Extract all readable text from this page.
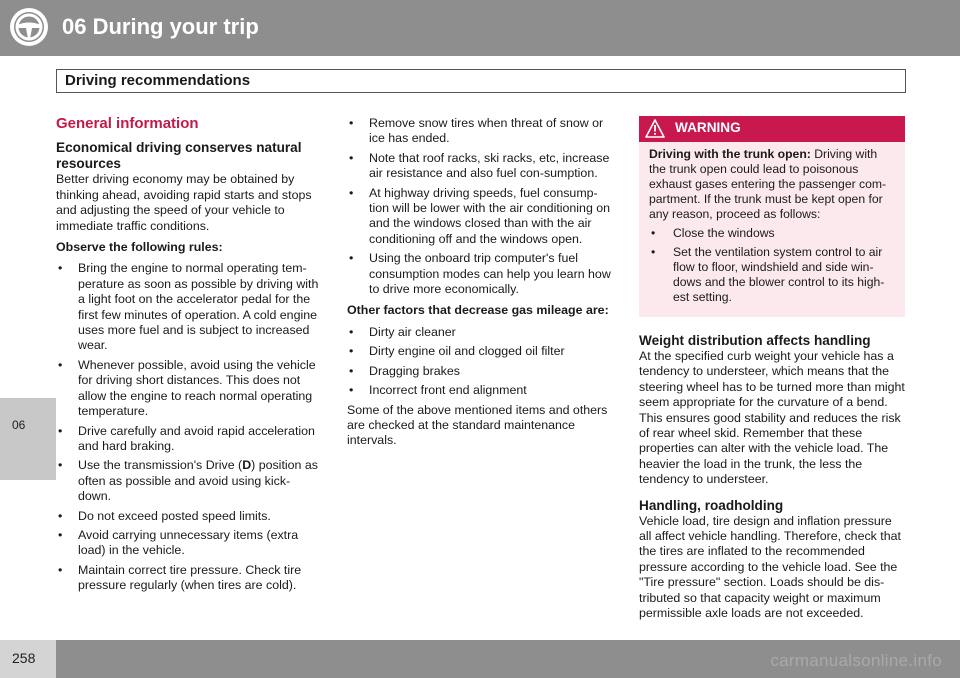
06 During your trip
06
Driving recommendations
General information
Economical driving conserves natural resources

Better driving economy may be obtained by thinking ahead, avoiding rapid starts and stops and adjusting the speed of your vehicle to immediate traffic conditions.

Observe the following rules:
• Bring the engine to normal operating tem-perature as soon as possible by driving with a light foot on the accelerator pedal for the first few minutes of operation. A cold engine uses more fuel and is subject to increased wear.
• Whenever possible, avoid using the vehicle for driving short distances. This does not allow the engine to reach normal operating temperature.
• Drive carefully and avoid rapid acceleration and hard braking.
• Use the transmission's Drive (D) position as often as possible and avoid using kick-down.
• Do not exceed posted speed limits.
• Avoid carrying unnecessary items (extra load) in the vehicle.
• Maintain correct tire pressure. Check tire pressure regularly (when tires are cold).
• Remove snow tires when threat of snow or ice has ended.
• Note that roof racks, ski racks, etc, increase air resistance and also fuel con-sumption.
• At highway driving speeds, fuel consump-tion will be lower with the air conditioning on and the windows closed than with the air conditioning off and the windows open.
• Using the onboard trip computer's fuel consumption modes can help you learn how to drive more economically.
Other factors that decrease gas mileage are:
• Dirty air cleaner
• Dirty engine oil and clogged oil filter
• Dragging brakes
• Incorrect front end alignment

Some of the above mentioned items and others are checked at the standard maintenance intervals.

WARNING
Driving with the trunk open: Driving with the trunk open could lead to poisonous exhaust gases entering the passenger com-partment. If the trunk must be kept open for any reason, proceed as follows:
• Close the windows
• Set the ventilation system control to air flow to floor, windshield and side win-dows and the blower control to its high-est setting.
Weight distribution affects handling

At the specified curb weight your vehicle has a tendency to understeer, which means that the steering wheel has to be turned more than might seem appropriate for the curvature of a bend. This ensures good stability and reduces the risk of rear wheel skid. Remember that these properties can alter with the vehicle load. The heavier the load in the trunk, the less the tendency to understeer.

Handling, roadholding

Vehicle load, tire design and inflation pressure all affect vehicle handling. Therefore, check that the tires are inflated to the recommended pressure according to the vehicle load. See the "Tire pressure" section. Loads should be dis-tributed so that capacity weight or maximum permissible axle loads are not exceeded.

258	carmanualsonline.info
